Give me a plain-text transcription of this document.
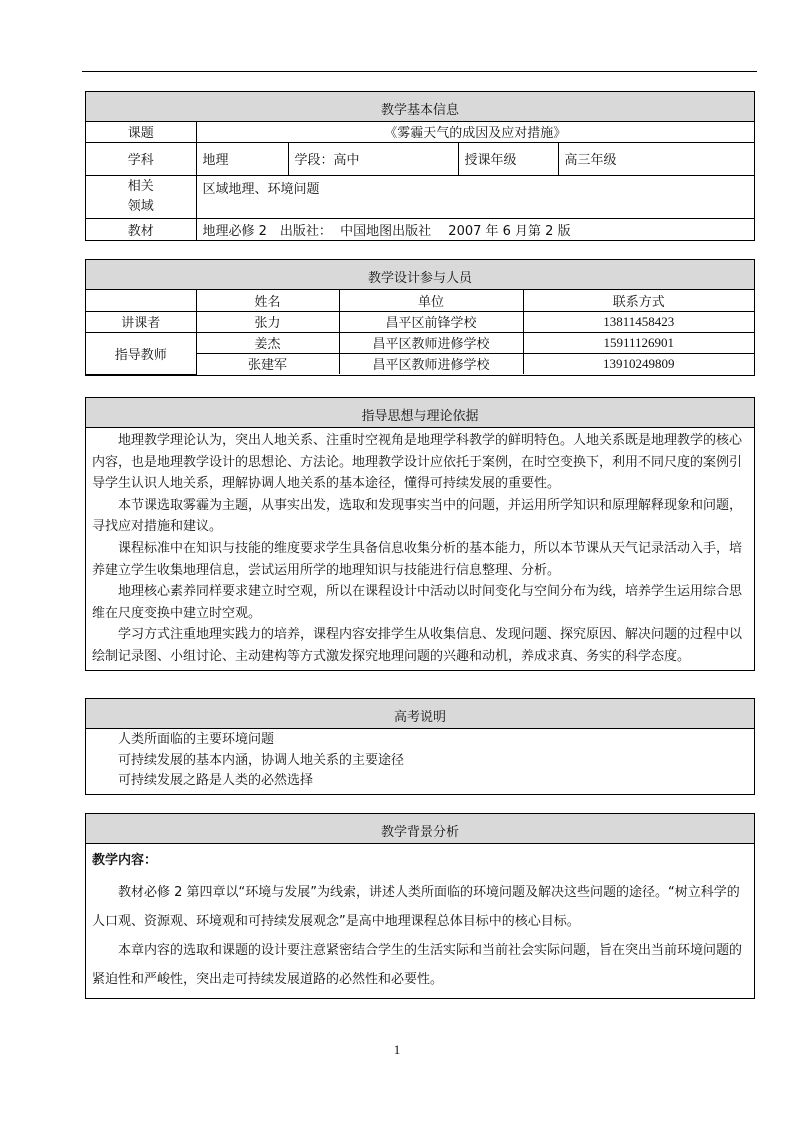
教学基本信息
课题	《雾霾天气的成因及应对措施》			
学科	地理	学段：高中	授课年级	高三年级

相关
领域	区域地理、环境问题			
教材	地理必修 2　出版社：  中国地图出版社　 2007 年 6 月第 2 版			
教学设计参与人员
	姓名	单位	联系方式
讲课者	张力	昌平区前锋学校	13811458423
指导教师	姜杰	昌平区教师进修学校	15911126901
	张建军	昌平区教师进修学校	13910249809
指导思想与理论依据

地理教学理论认为，突出人地关系、注重时空视角是地理学科教学的鲜明特色。人地关系既是地理教学的核心内容，也是地理教学设计的思想论、方法论。地理教学设计应依托于案例，在时空变换下，利用不同尺度的案例引导学生认识人地关系，理解协调人地关系的基本途径，懂得可持续发展的重要性。

本节课选取雾霾为主题，从事实出发，选取和发现事实当中的问题，并运用所学知识和原理解释现象和问题，寻找应对措施和建议。

课程标准中在知识与技能的维度要求学生具备信息收集分析的基本能力，所以本节课从天气记录活动入手，培养建立学生收集地理信息，尝试运用所学的地理知识与技能进行信息整理、分析。

地理核心素养同样要求建立时空观，所以在课程设计中活动以时间变化与空间分布为线，培养学生运用综合思维在尺度变换中建立时空观。

学习方式注重地理实践力的培养，课程内容安排学生从收集信息、发现问题、探究原因、解决问题的过程中以绘制记录图、小组讨论、主动建构等方式激发探究地理问题的兴趣和动机，养成求真、务实的科学态度。

高考说明
人类所面临的主要环境问题
可持续发展的基本内涵，协调人地关系的主要途径
可持续发展之路是人类的必然选择
教学背景分析
教学内容：

教材必修 2 第四章以“环境与发展”为线索，讲述人类所面临的环境问题及解决这些问题的途径。“树立科学的人口观、资源观、环境观和可持续发展观念”是高中地理课程总体目标中的核心目标。

本章内容的选取和课题的设计要注意紧密结合学生的生活实际和当前社会实际问题，旨在突出当前环境问题的紧迫性和严峻性，突出走可持续发展道路的必然性和必要性。

1
